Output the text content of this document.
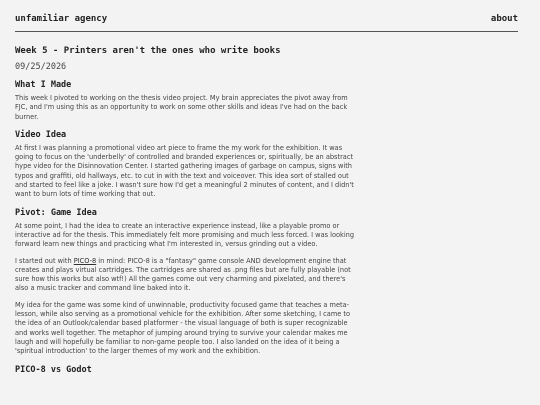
unfamiliar agency	about
Week 5 - Printers aren't the ones who write books
09/25/2026
What I Made

This week I pivoted to working on the thesis video project. My brain appreciates the pivot away from FJC, and I'm using this as an opportunity to work on some other skills and ideas I've had on the back burner.

Video Idea

At first I was planning a promotional video art piece to frame the my work for the exhibition. It was going to focus on the 'underbelly' of controlled and branded experiences or, spiritually, be an abstract hype video for the Disinnovation Center. I started gathering images of garbage on campus, signs with typos and graffiti, old hallways, etc. to cut in with the text and voiceover. This idea sort of stalled out and started to feel like a joke. I wasn't sure how I'd get a meaningful 2 minutes of content, and I didn't want to burn lots of time working that out.

Pivot: Game Idea

At some point, I had the idea to create an interactive experience instead, like a playable promo or interactive ad for the thesis. This immediately felt more promising and much less forced. I was looking forward learn new things and practicing what I'm interested in, versus grinding out a video.

I started out with PICO-8 in mind: PICO-8 is a "fantasy" game console AND development engine that creates and plays virtual cartridges. The cartridges are shared as .png files but are fully playable (not sure how this works but also wtf!) All the games come out very charming and pixelated, and there's also a music tracker and command line baked into it.

My idea for the game was some kind of unwinnable, productivity focused game that teaches a meta-lesson, while also serving as a promotional vehicle for the exhibition. After some sketching, I came to the idea of an Outlook/calendar based platformer - the visual language of both is super recognizable and works well together. The metaphor of jumping around trying to survive your calendar makes me laugh and will hopefully be familiar to non-game people too. I also landed on the idea of it being a 'spiritual introduction' to the larger themes of my work and the exhibition.

PICO-8 vs Godot
